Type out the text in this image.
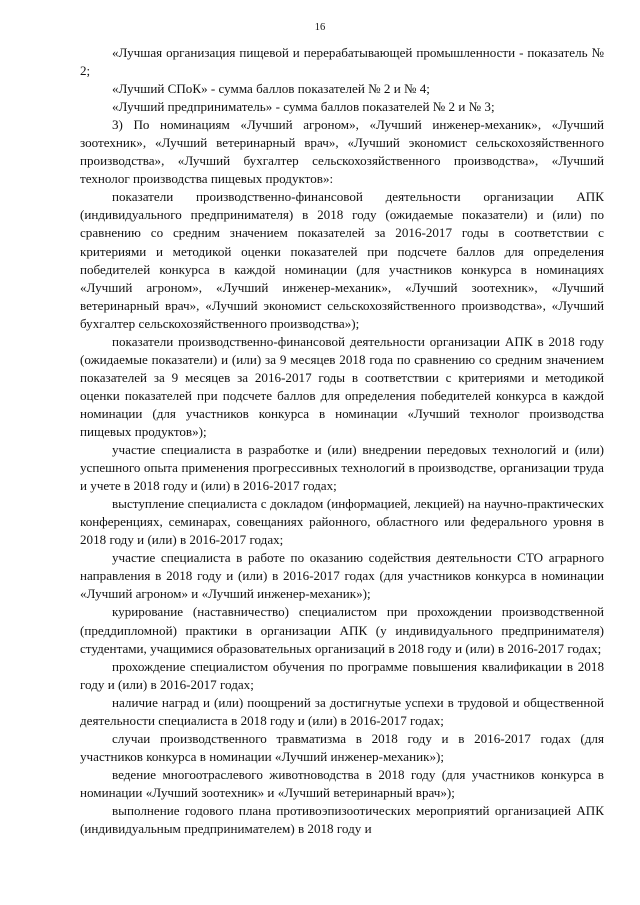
16

«Лучшая организация пищевой и перерабатывающей промышленности - показатель № 2;

«Лучший СПоК» - сумма баллов показателей № 2 и № 4;

«Лучший предприниматель» - сумма баллов показателей № 2 и № 3;

3) По номинациям «Лучший агроном», «Лучший инженер-механик», «Лучший зоотехник», «Лучший ветеринарный врач», «Лучший экономист сельскохозяйственного производства», «Лучший бухгалтер сельскохозяйственного производства», «Лучший технолог производства пищевых продуктов»:

показатели производственно-финансовой деятельности организации АПК (индивидуального предпринимателя) в 2018 году (ожидаемые показатели) и (или) по сравнению со средним значением показателей за 2016-2017 годы в соответствии с критериями и методикой оценки показателей при подсчете баллов для определения победителей конкурса в каждой номинации (для участников конкурса в номинациях «Лучший агроном», «Лучший инженер-механик», «Лучший зоотехник», «Лучший ветеринарный врач», «Лучший экономист сельскохозяйственного производства», «Лучший бухгалтер сельскохозяйственного производства»);

показатели производственно-финансовой деятельности организации АПК в 2018 году (ожидаемые показатели) и (или) за 9 месяцев 2018 года по сравнению со средним значением показателей за 9 месяцев за 2016-2017 годы в соответствии с критериями и методикой оценки показателей при подсчете баллов для определения победителей конкурса в каждой номинации (для участников конкурса в номинации «Лучший технолог производства пищевых продуктов»);

участие специалиста в разработке и (или) внедрении передовых технологий и (или) успешного опыта применения прогрессивных технологий в производстве, организации труда и учете в 2018 году и (или) в 2016-2017 годах;

выступление специалиста с докладом (информацией, лекцией) на научно-практических конференциях, семинарах, совещаниях районного, областного или федерального уровня в 2018 году и (или) в 2016-2017 годах;

участие специалиста в работе по оказанию содействия деятельности СТО аграрного направления в 2018 году и (или) в 2016-2017 годах (для участников конкурса в номинации «Лучший агроном» и «Лучший инженер-механик»);

курирование (наставничество) специалистом при прохождении производственной (преддипломной) практики в организации АПК (у индивидуального предпринимателя) студентами, учащимися образовательных организаций в 2018 году и (или) в 2016-2017 годах;

прохождение специалистом обучения по программе повышения квалификации в 2018 году и (или) в 2016-2017 годах;

наличие наград и (или) поощрений за достигнутые успехи в трудовой и общественной деятельности специалиста в 2018 году и (или) в 2016-2017 годах;

случаи производственного травматизма в 2018 году и в 2016-2017 годах (для участников конкурса в номинации «Лучший инженер-механик»);

ведение многоотраслевого животноводства в 2018 году (для участников конкурса в номинации «Лучший зоотехник» и «Лучший ветеринарный врач»);

выполнение годового плана противоэпизоотических мероприятий организацией АПК (индивидуальным предпринимателем) в 2018 году и
